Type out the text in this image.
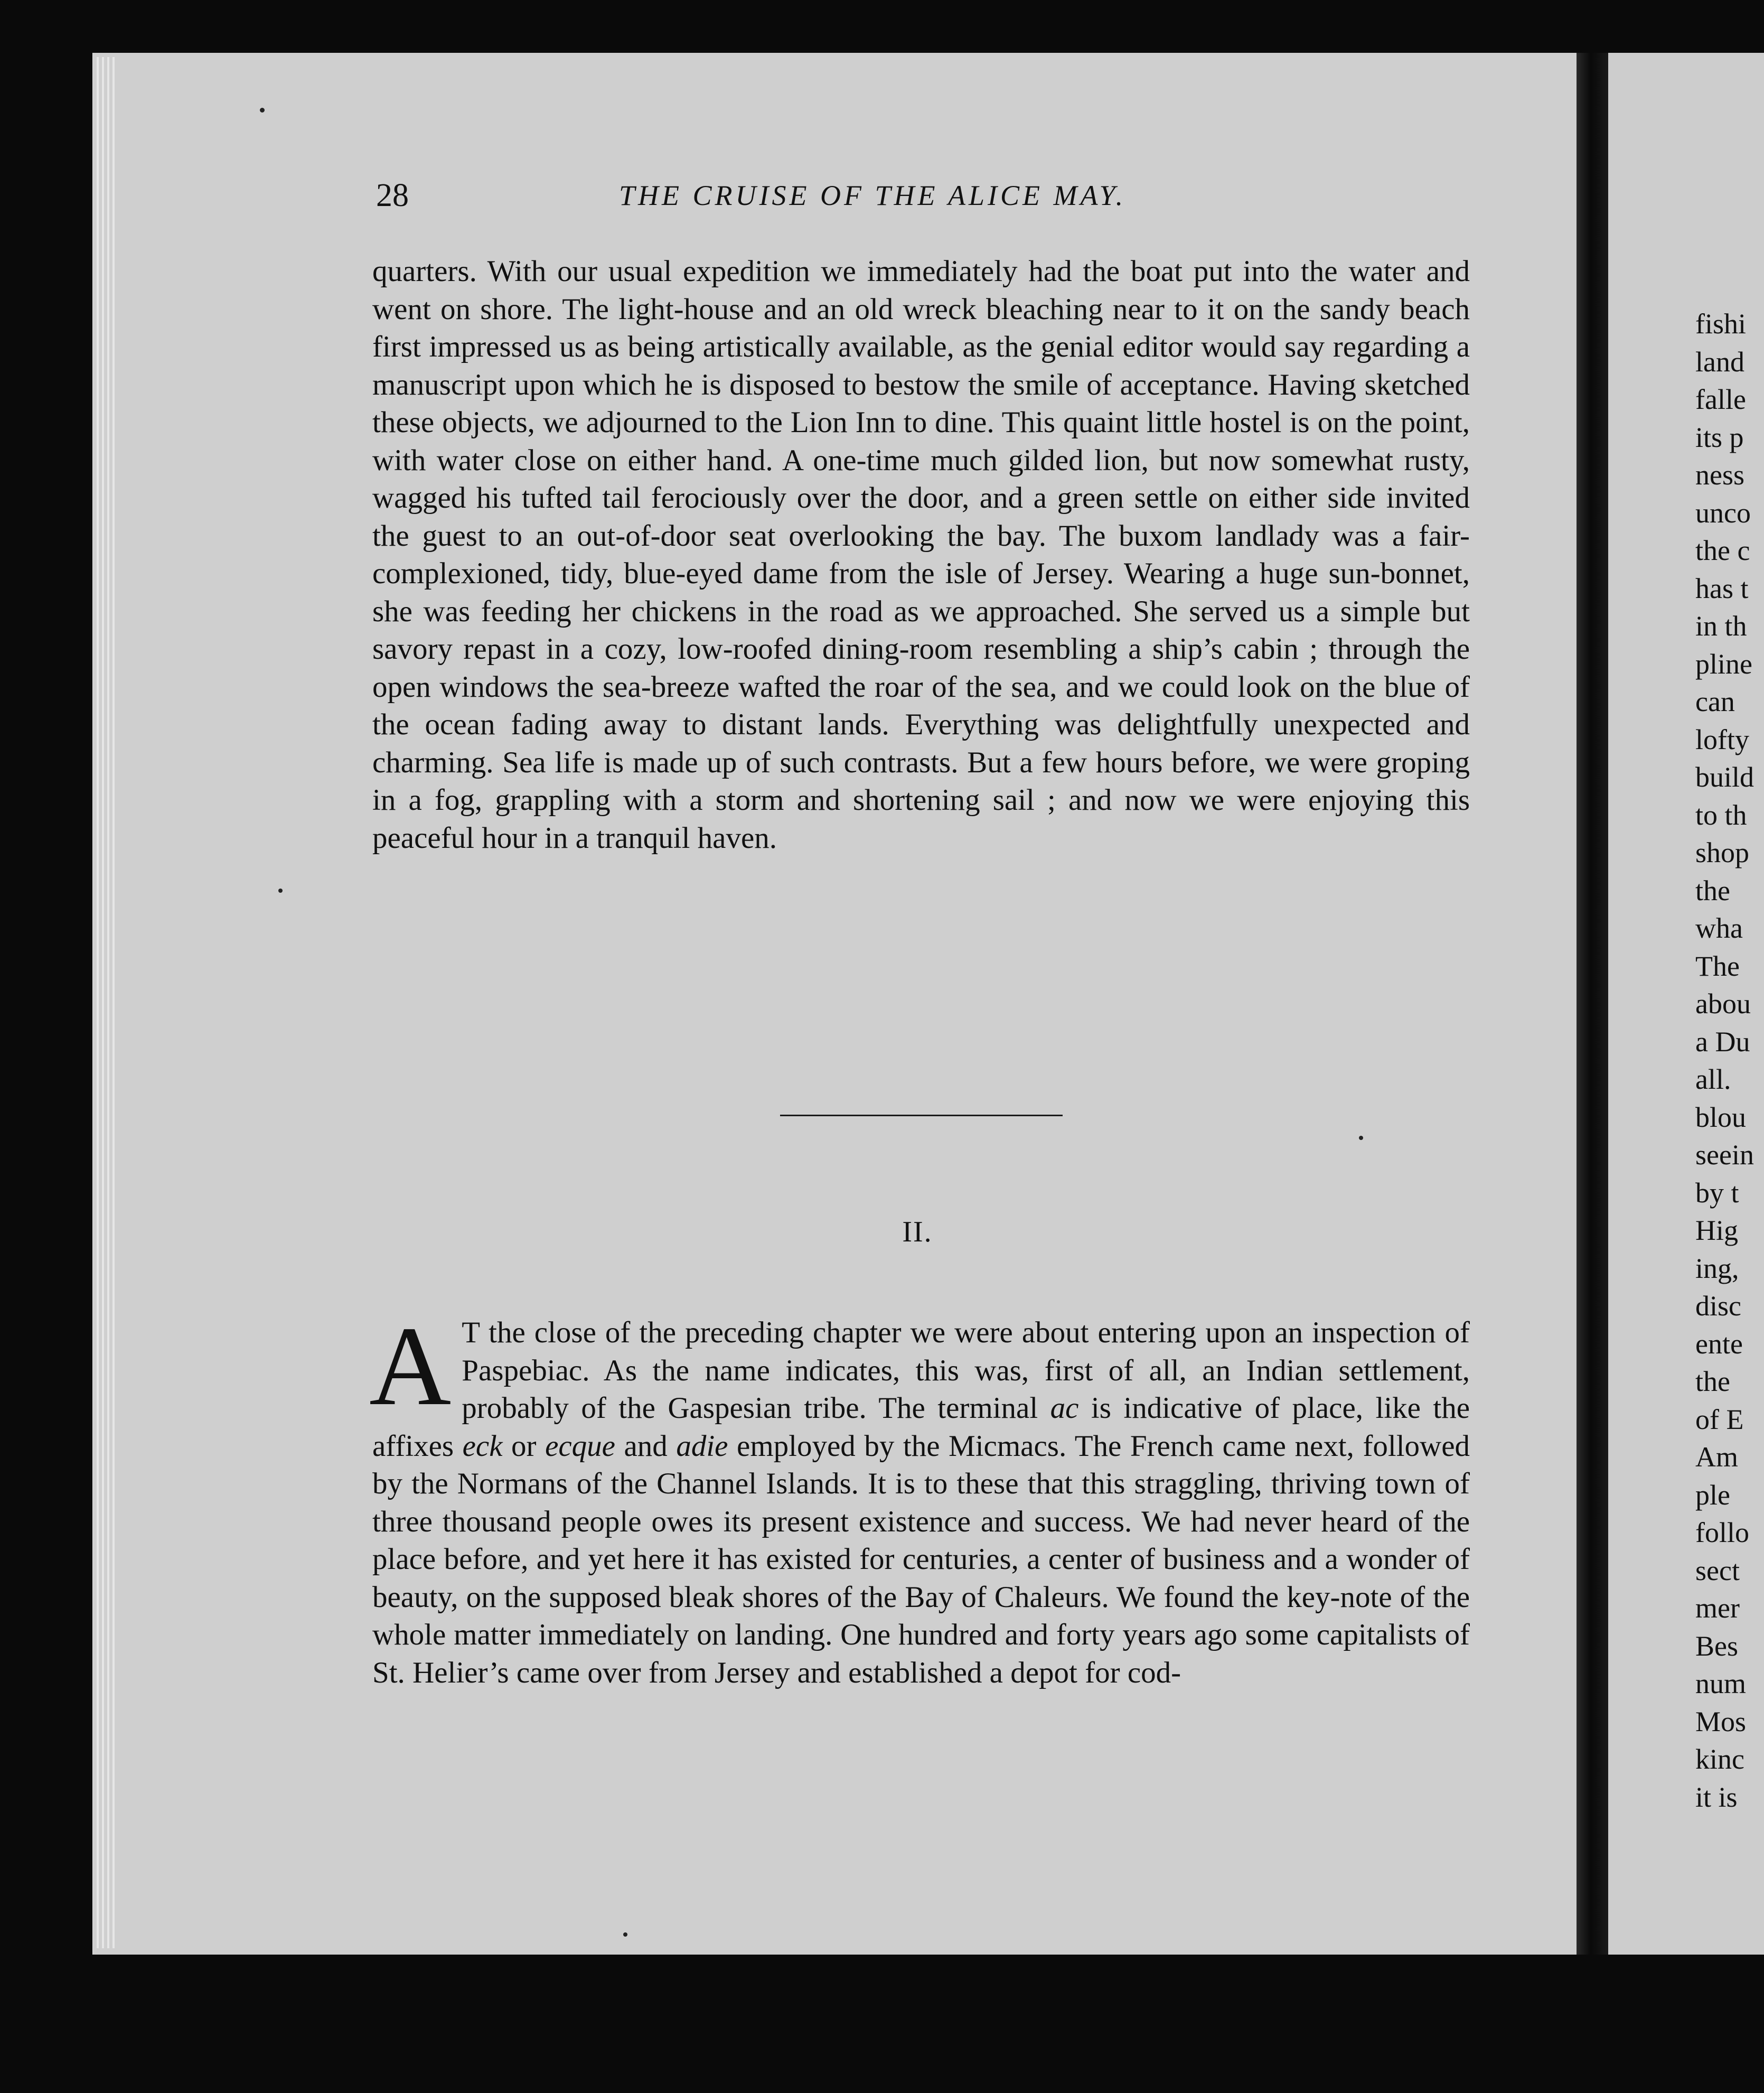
28	THE CRUISE OF THE ALICE MAY.

quarters. With our usual expedition we immediately had the boat put into the water and went on shore. The light-house and an old wreck bleaching near to it on the sandy beach first impressed us as being artistically available, as the genial editor would say regarding a manuscript upon which he is disposed to bestow the smile of acceptance. Having sketched these objects, we adjourned to the Lion Inn to dine. This quaint little hostel is on the point, with water close on either hand. A one-time much gilded lion, but now somewhat rusty, wagged his tufted tail ferociously over the door, and a green settle on either side invited the guest to an out-of-door seat overlooking the bay. The buxom landlady was a fair-complexioned, tidy, blue-eyed dame from the isle of Jersey. Wearing a huge sun-bonnet, she was feeding her chickens in the road as we approached. She served us a simple but savory repast in a cozy, low-roofed dining-room resembling a ship’s cabin ; through the open windows the sea-breeze wafted the roar of the sea, and we could look on the blue of the ocean fading away to distant lands. Everything was delightfully unexpected and charming. Sea life is made up of such contrasts. But a few hours before, we were groping in a fog, grappling with a storm and shortening sail ; and now we were enjoying this peaceful hour in a tranquil haven.

II.

A T the close of the preceding chapter we were about entering upon an inspection of Paspebiac. As the name indicates, this was, first of all, an Indian settlement, probably of the Gaspesian tribe. The terminal ac is indicative of place, like the affixes eck or ecque and adie employed by the Micmacs. The French came next, followed by the Normans of the Channel Islands. It is to these that this straggling, thriving town of three thousand people owes its present existence and success. We had never heard of the place before, and yet here it has existed for centuries, a center of business and a wonder of beauty, on the supposed bleak shores of the Bay of Chaleurs. We found the key-note of the whole matter immediately on landing. One hundred and forty years ago some capitalists of St. Helier’s came over from Jersey and established a depot for cod-

fishi
land
falle
its p
ness
unco
the c
has t
in th
pline
can
lofty
build
to th
shop
the
wha
The
abou
a Du
all.
blou
seein
by t
Hig
ing,
disc
ente
the
of E
Am
ple
follo
sect
mer
Bes
num
Mos
kinc
it is
